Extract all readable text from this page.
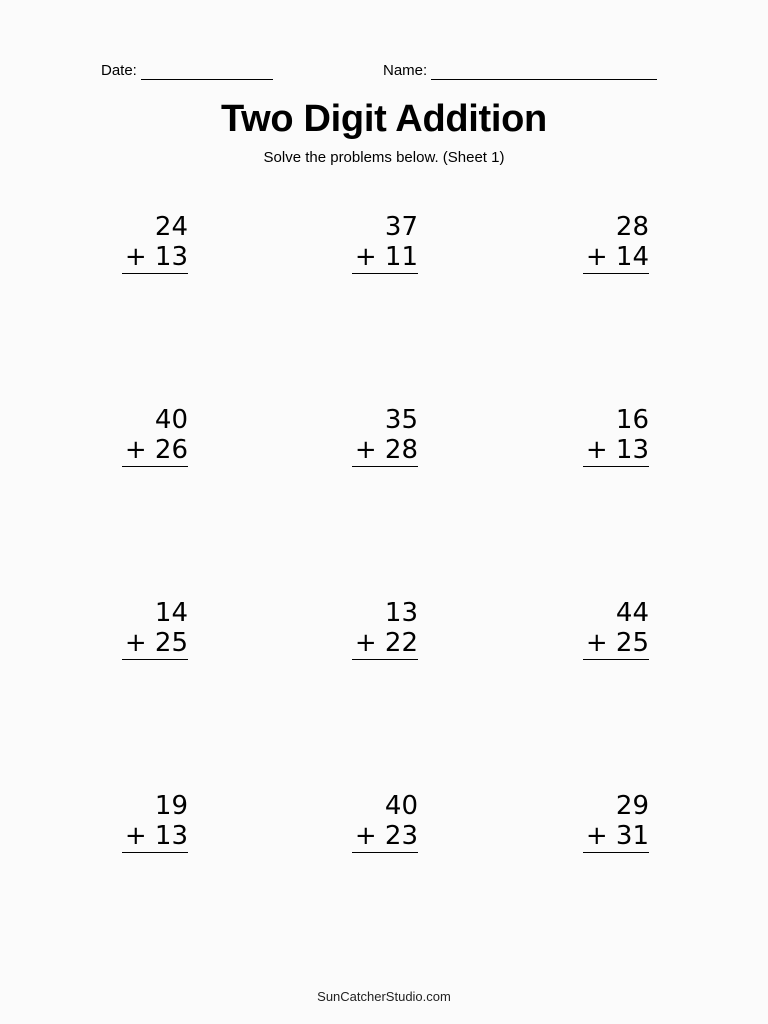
Date:	Name:
Two Digit Addition
Solve the problems below. (Sheet 1)
24
+ 13
37
+ 11
28
+ 14
40
+ 26
35
+ 28
16
+ 13
14
+ 25
13
+ 22
44
+ 25
19
+ 13
40
+ 23
29
+ 31
SunCatcherStudio.com
